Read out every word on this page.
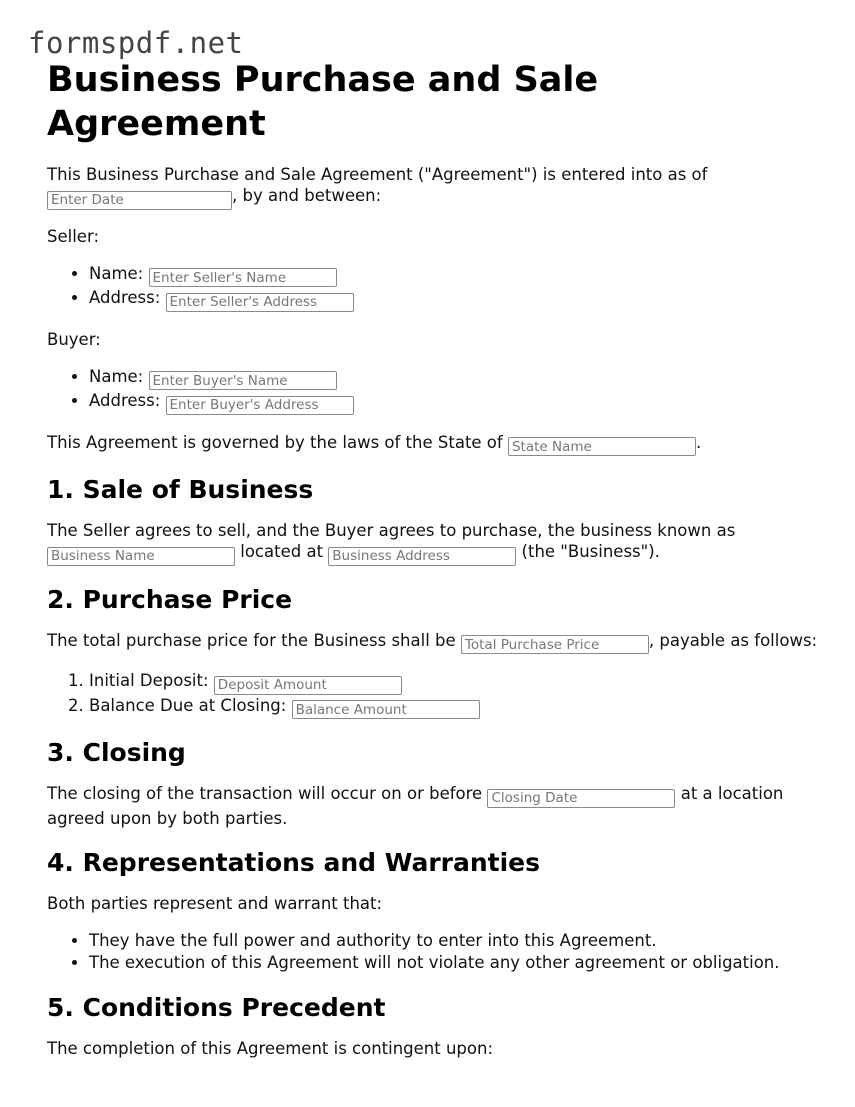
formspdf.net
Business Purchase and Sale Agreement

This Business Purchase and Sale Agreement ("Agreement") is entered into as of
Enter Date, by and between:

Seller:

• Name: Enter Seller's Name
• Address: Enter Seller's Address

Buyer:

• Name: Enter Buyer's Name
• Address: Enter Buyer's Address

This Agreement is governed by the laws of the State of State Name	.

1. Sale of Business

The Seller agrees to sell, and the Buyer agrees to purchase, the business known as
Business Name located at Business Address	(the "Business").

2. Purchase Price

The total purchase price for the Business shall be Total Purchase Price	, payable as follows:

1. Initial Deposit: Deposit Amount
2. Balance Due at Closing: Balance Amount
3. Closing

The closing of the transaction will occur on or before Closing Date	at a location agreed upon by both parties.

4. Representations and Warranties

Both parties represent and warrant that:

• They have the full power and authority to enter into this Agreement.
• The execution of this Agreement will not violate any other agreement or obligation.
5. Conditions Precedent

The completion of this Agreement is contingent upon:
